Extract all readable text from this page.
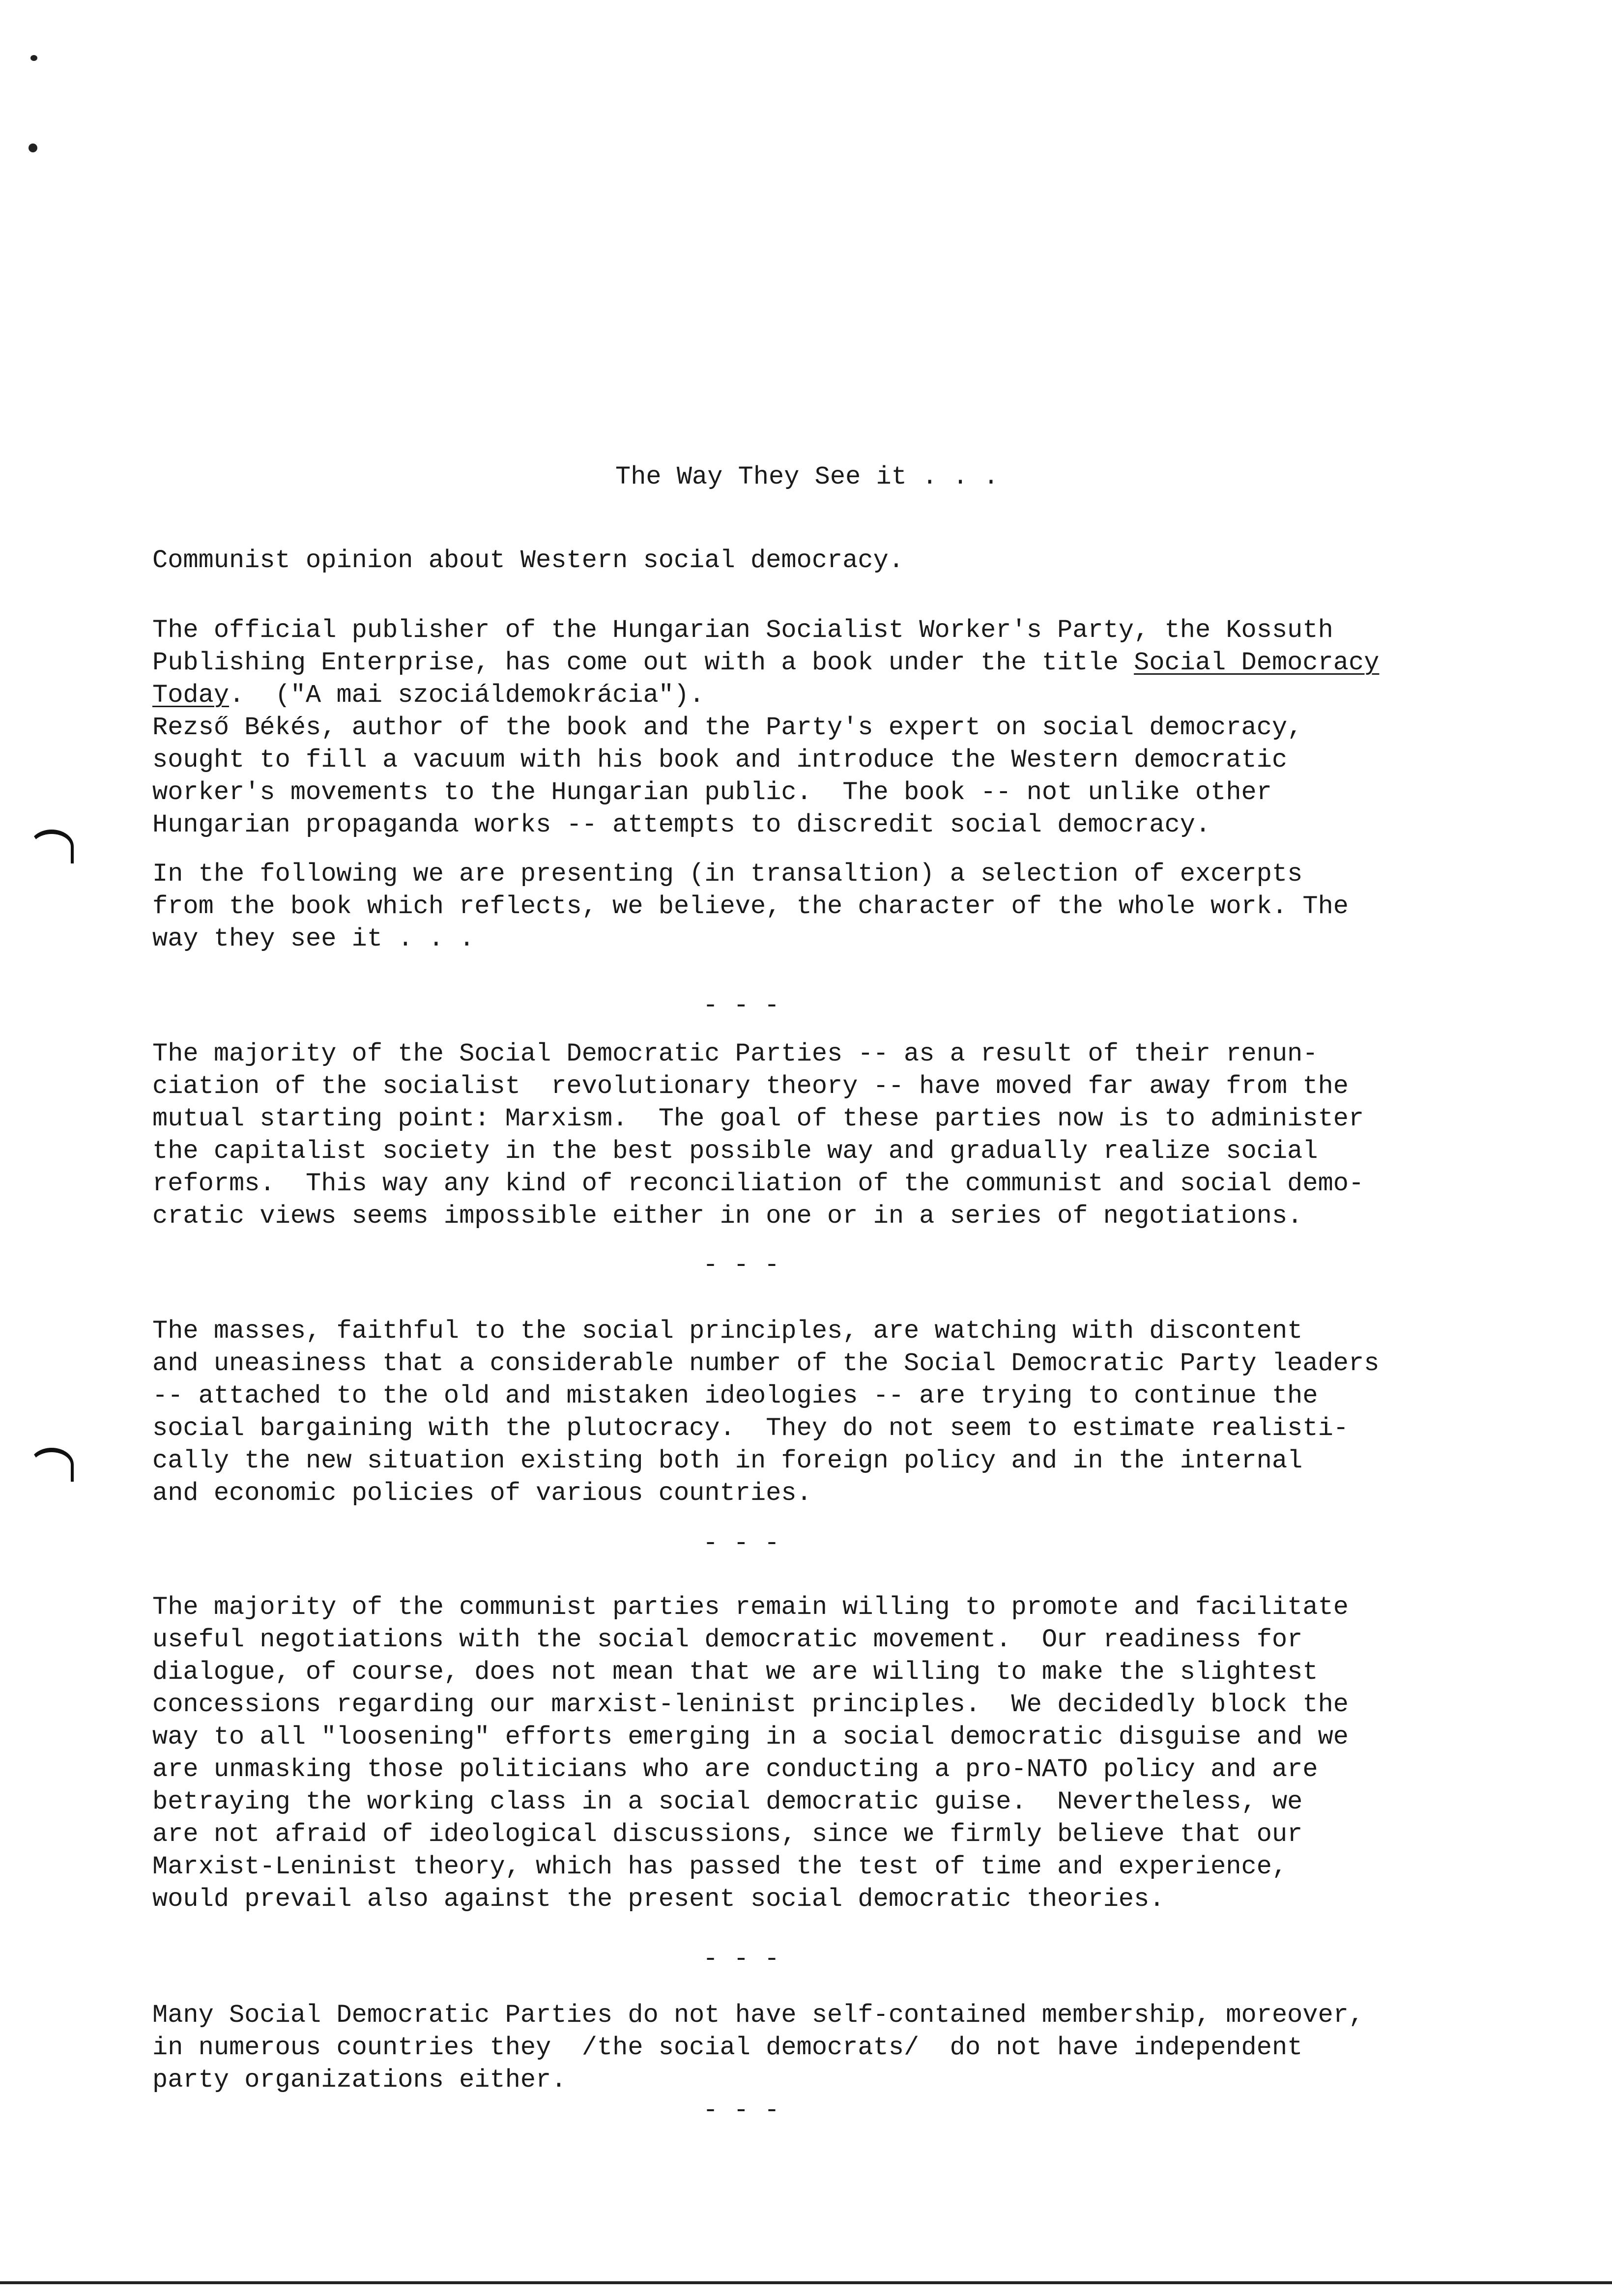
The Way They See it . . .
Communist opinion about Western social democracy.
The official publisher of the Hungarian Socialist Worker's Party, the Kossuth
Publishing Enterprise, has come out with a book under the title Social Democracy
Today.  ("A mai szociáldemokrácia").
Rezső Békés, author of the book and the Party's expert on social democracy,
sought to fill a vacuum with his book and introduce the Western democratic
worker's movements to the Hungarian public.  The book -- not unlike other
Hungarian propaganda works -- attempts to discredit social democracy.
In the following we are presenting (in transaltion) a selection of excerpts
from the book which reflects, we believe, the character of the whole work. The
way they see it . . .
- - -
The majority of the Social Democratic Parties -- as a result of their renun-
ciation of the socialist  revolutionary theory -- have moved far away from the
mutual starting point: Marxism.  The goal of these parties now is to administer
the capitalist society in the best possible way and gradually realize social
reforms.  This way any kind of reconciliation of the communist and social demo-
cratic views seems impossible either in one or in a series of negotiations.
- - -
The masses, faithful to the social principles, are watching with discontent
and uneasiness that a considerable number of the Social Democratic Party leaders
-- attached to the old and mistaken ideologies -- are trying to continue the
social bargaining with the plutocracy.  They do not seem to estimate realisti-
cally the new situation existing both in foreign policy and in the internal
and economic policies of various countries.
- - -
The majority of the communist parties remain willing to promote and facilitate
useful negotiations with the social democratic movement.  Our readiness for
dialogue, of course, does not mean that we are willing to make the slightest
concessions regarding our marxist-leninist principles.  We decidedly block the
way to all "loosening" efforts emerging in a social democratic disguise and we
are unmasking those politicians who are conducting a pro-NATO policy and are
betraying the working class in a social democratic guise.  Nevertheless, we
are not afraid of ideological discussions, since we firmly believe that our
Marxist-Leninist theory, which has passed the test of time and experience,
would prevail also against the present social democratic theories.
- - -
Many Social Democratic Parties do not have self-contained membership, moreover,
in numerous countries they  /the social democrats/  do not have independent
party organizations either.
- - -
